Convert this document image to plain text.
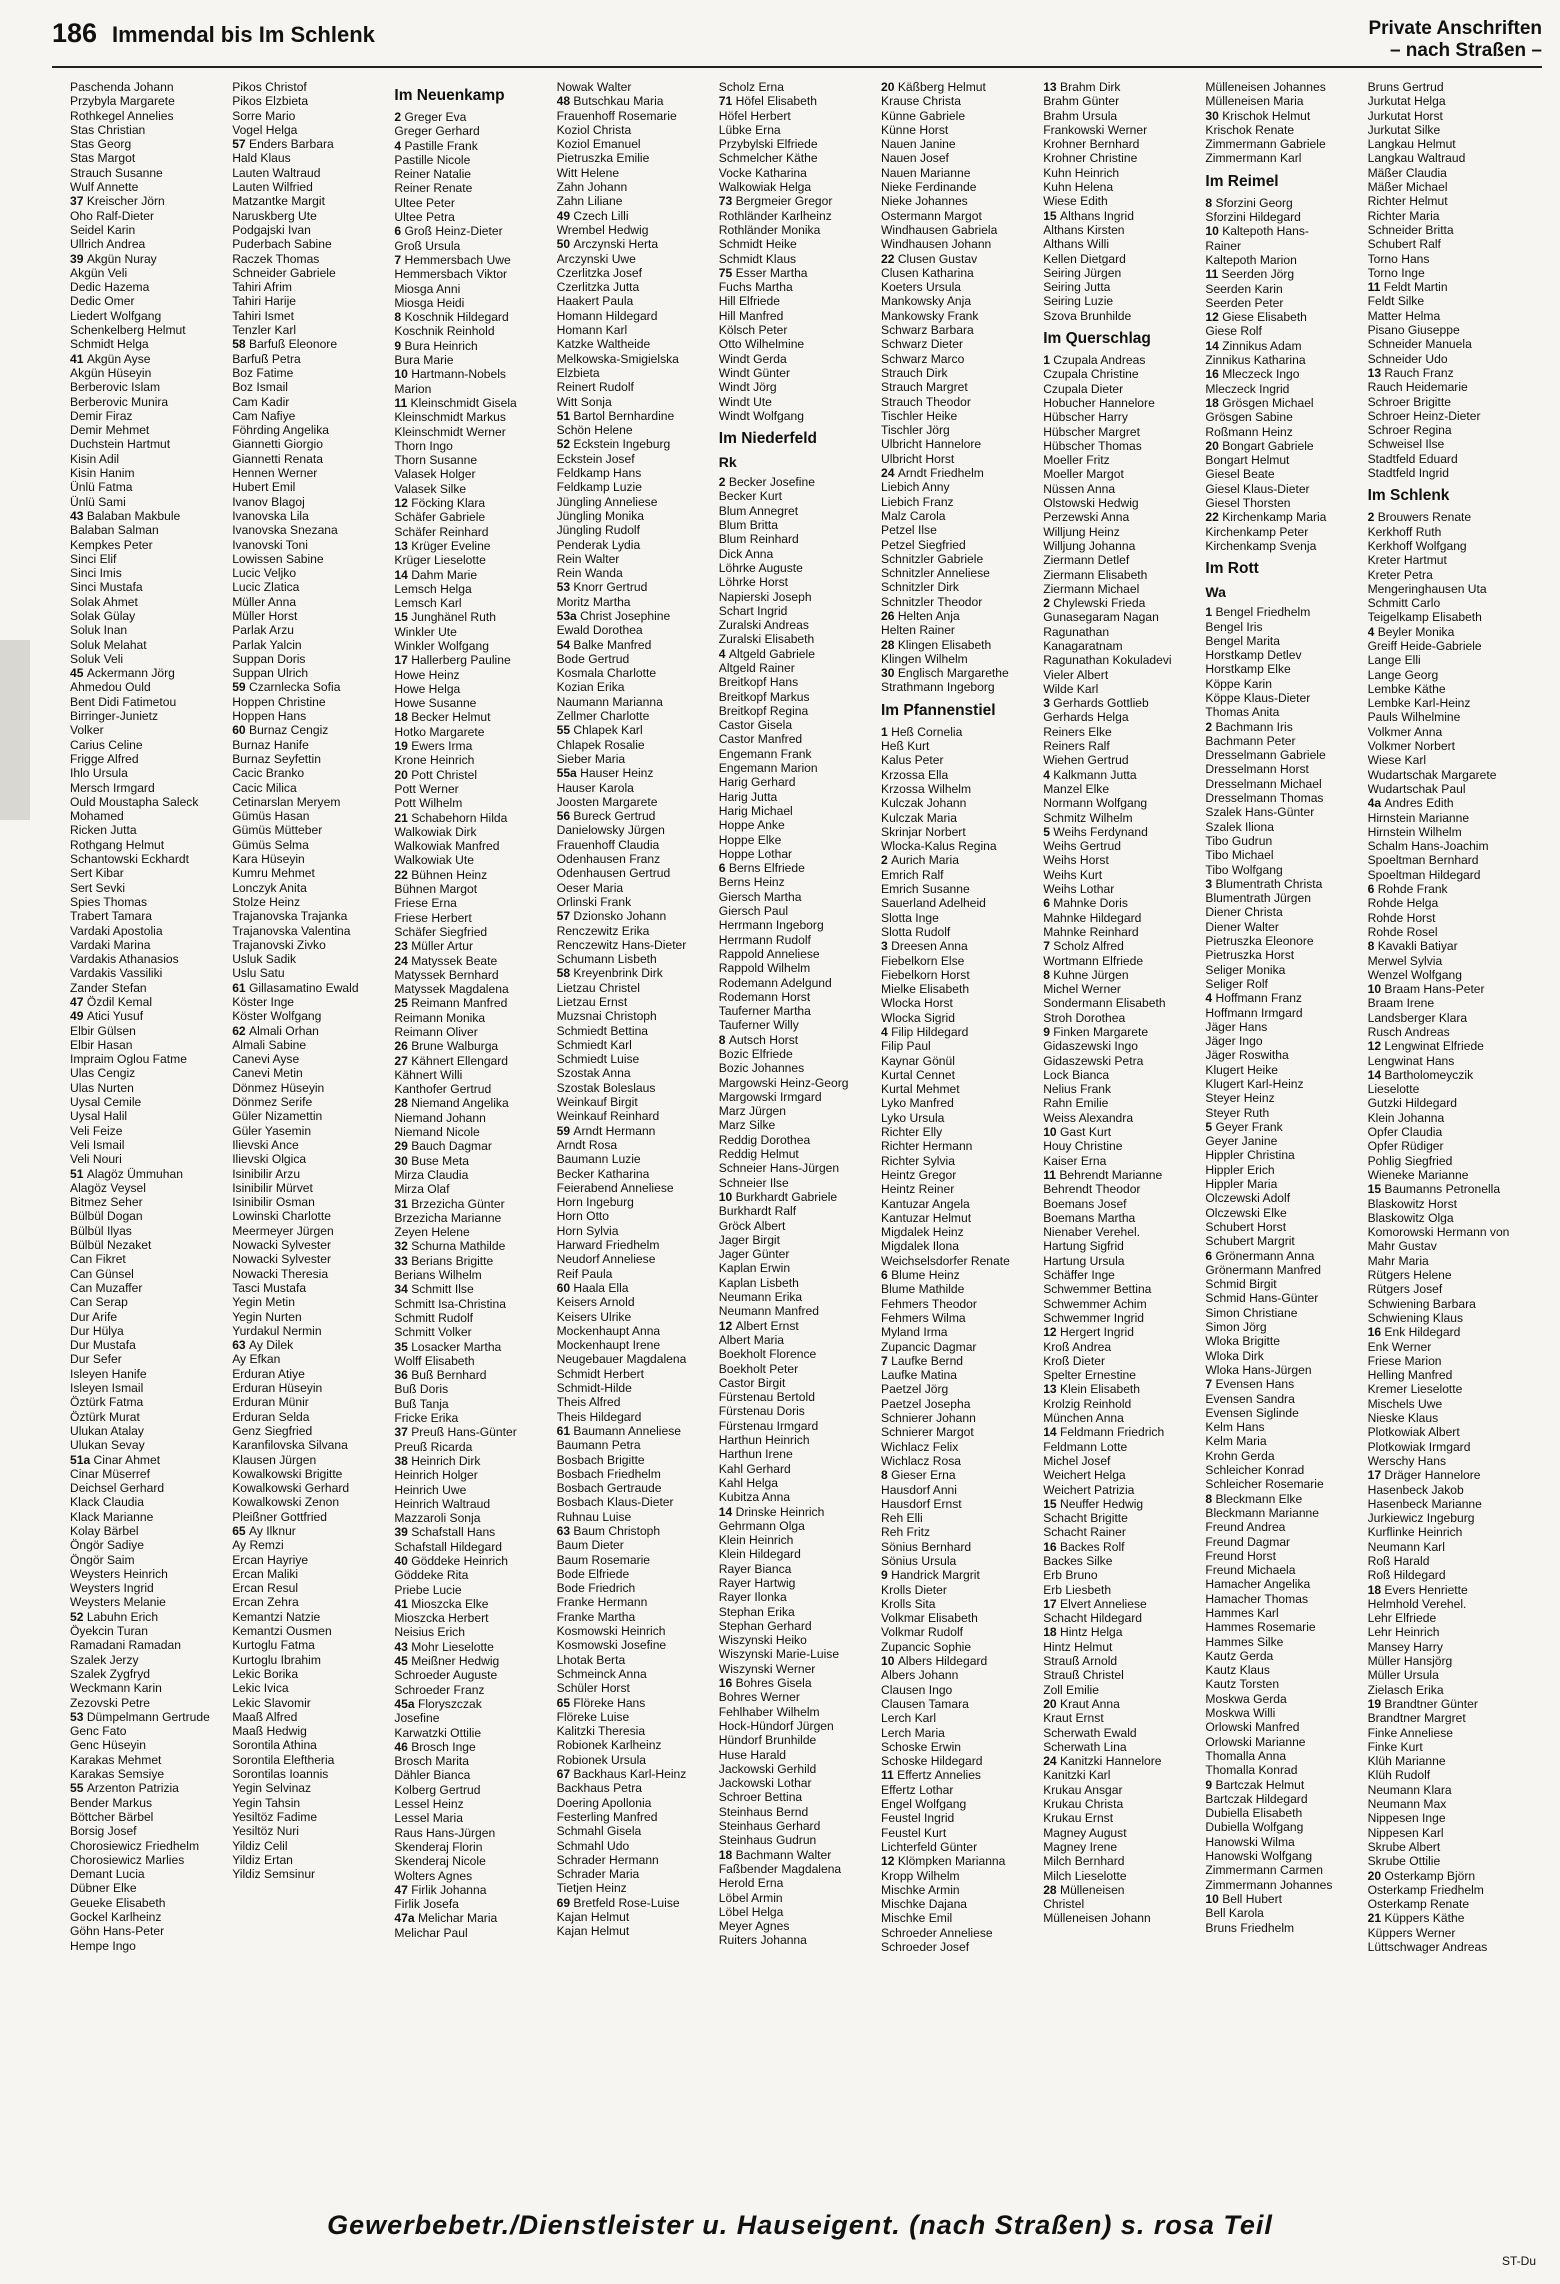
186 Immendal bis Im Schlenk	Private Anschriften
– nach Straßen –
Paschenda Johann
Przybyla Margarete
Rothkegel Annelies
Stas Christian
Stas Georg
Stas Margot
Strauch Susanne
Wulf Annette
37 Kreischer Jörn
Oho Ralf-Dieter
Seidel Karin
Ullrich Andrea
39 Akgün Nuray
Akgün Veli
Dedic Hazema
Dedic Omer
Liedert Wolfgang
Schenkelberg Helmut
Schmidt Helga
41 Akgün Ayse
Akgün Hüseyin
Berberovic Islam
Berberovic Munira
Demir Firaz
Demir Mehmet
Duchstein Hartmut
Kisin Adil
Kisin Hanim
Ünlü Fatma
Ünlü Sami
43 Balaban Makbule
Balaban Salman
Kempkes Peter
Sinci Elif
Sinci Imis
Sinci Mustafa
Solak Ahmet
Solak Gülay
Soluk Inan
Soluk Melahat
Soluk Veli
45 Ackermann Jörg
Ahmedou Ould
Bent Didi Fatimetou
Birringer-Junietz
Volker
Carius Celine
Frigge Alfred
Ihlo Ursula
Mersch Irmgard
Ould Moustapha Saleck
Mohamed
Ricken Jutta
Rothgang Helmut
Schantowski Eckhardt
Sert Kibar
Sert Sevki
Spies Thomas
Trabert Tamara
Vardaki Apostolia
Vardaki Marina
Vardakis Athanasios
Vardakis Vassiliki
Zander Stefan
47 Özdil Kemal
49 Atici Yusuf
Elbir Gülsen
Elbir Hasan
Impraim Oglou Fatme
Ulas Cengiz
Ulas Nurten
Uysal Cemile
Uysal Halil
Veli Feize
Veli Ismail
Veli Nouri
51 Alagöz Ümmuhan
Alagöz Veysel
Bitmez Seher
Bülbül Dogan
Bülbül Ilyas
Bülbül Nezaket
Can Fikret
Can Günsel
Can Muzaffer
Can Serap
Dur Arife
Dur Hülya
Dur Mustafa
Dur Sefer
Isleyen Hanife
Isleyen Ismail
Öztürk Fatma
Öztürk Murat
Ulukan Atalay
Ulukan Sevay
51a Cinar Ahmet
Cinar Müserref
Deichsel Gerhard
Klack Claudia
Klack Marianne
Kolay Bärbel
Öngör Sadiye
Öngör Saim
Weysters Heinrich
Weysters Ingrid
Weysters Melanie
52 Labuhn Erich
Öyekcin Turan
Ramadani Ramadan
Szalek Jerzy
Szalek Zygfryd
Weckmann Karin
Zezovski Petre
53 Dümpelmann Gertrude
Genc Fato
Genc Hüseyin
Karakas Mehmet
Karakas Semsiye
55 Arzenton Patrizia
Bender Markus
Böttcher Bärbel
Borsig Josef
Chorosiewicz Friedhelm
Chorosiewicz Marlies
Demant Lucia
Dübner Elke
Geueke Elisabeth
Gockel Karlheinz
Göhn Hans-Peter
Hempe Ingo
Pikos Christof
Pikos Elzbieta
Sorre Mario
Vogel Helga
57 Enders Barbara
Hald Klaus
Lauten Waltraud
Lauten Wilfried
Matzantke Margit
Naruskberg Ute
Podgajski Ivan
Puderbach Sabine
Raczek Thomas
Schneider Gabriele
Tahiri Afrim
Tahiri Harije
Tahiri Ismet
Tenzler Karl
58 Barfuß Eleonore
Barfuß Petra
Boz Fatime
Boz Ismail
Cam Kadir
Cam Nafiye
Föhrding Angelika
Giannetti Giorgio
Giannetti Renata
Hennen Werner
Hubert Emil
Ivanov Blagoj
Ivanovska Lila
Ivanovska Snezana
Ivanovski Toni
Lowissen Sabine
Lucic Veljko
Lucic Zlatica
Müller Anna
Müller Horst
Parlak Arzu
Parlak Yalcin
Suppan Doris
Suppan Ulrich
59 Czarnlecka Sofia
Hoppen Christine
Hoppen Hans
60 Burnaz Cengiz
Burnaz Hanife
Burnaz Seyfettin
Cacic Branko
Cacic Milica
Cetinarslan Meryem
Gümüs Hasan
Gümüs Mütteber
Gümüs Selma
Kara Hüseyin
Kumru Mehmet
Lonczyk Anita
Stolze Heinz
Trajanovska Trajanka
Trajanovska Valentina
Trajanovski Zivko
Usluk Sadik
Uslu Satu
61 Gillasamatino Ewald
Köster Inge
Köster Wolfgang
62 Almali Orhan
Almali Sabine
Canevi Ayse
Canevi Metin
Dönmez Hüseyin
Dönmez Serife
Güler Nizamettin
Güler Yasemin
Ilievski Ance
Ilievski Olgica
Isinibilir Arzu
Isinibilir Mürvet
Isinibilir Osman
Lowinski Charlotte
Meermeyer Jürgen
Nowacki Sylvester
Nowacki Sylvester
Nowacki Theresia
Tasci Mustafa
Yegin Metin
Yegin Nurten
Yurdakul Nermin
63 Ay Dilek
Ay Efkan
Erduran Atiye
Erduran Hüseyin
Erduran Münir
Erduran Selda
Genz Siegfried
Karanfilovska Silvana
Klausen Jürgen
Kowalkowski Brigitte
Kowalkowski Gerhard
Kowalkowski Zenon
Pleißner Gottfried
65 Ay Ilknur
Ay Remzi
Ercan Hayriye
Ercan Maliki
Ercan Resul
Ercan Zehra
Kemantzi Natzie
Kemantzi Ousmen
Kurtoglu Fatma
Kurtoglu Ibrahim
Lekic Borika
Lekic Ivica
Lekic Slavomir
Maaß Alfred
Maaß Hedwig
Sorontila Athina
Sorontila Eleftheria
Sorontilas Ioannis
Yegin Selvinaz
Yegin Tahsin
Yesiltöz Fadime
Yesiltöz Nuri
Yildiz Celil
Yildiz Ertan
Yildiz Semsinur
Im Neuenkamp
2 Greger Eva
Greger Gerhard
4 Pastille Frank
Pastille Nicole
Reiner Natalie
Reiner Renate
Ultee Peter
Ultee Petra
6 Groß Heinz-Dieter
Groß Ursula
7 Hemmersbach Uwe
Hemmersbach Viktor
Miosga Anni
Miosga Heidi
8 Koschnik Hildegard
Koschnik Reinhold
9 Bura Heinrich
Bura Marie
10 Hartmann-Nobels
Marion
11 Kleinschmidt Gisela
Kleinschmidt Markus
Kleinschmidt Werner
Thorn Ingo
Thorn Susanne
Valasek Holger
Valasek Silke
12 Föcking Klara
Schäfer Gabriele
Schäfer Reinhard
13 Krüger Eveline
Krüger Lieselotte
14 Dahm Marie
Lemsch Helga
Lemsch Karl
15 Junghänel Ruth
Winkler Ute
Winkler Wolfgang
17 Hallerberg Pauline
Howe Heinz
Howe Helga
Howe Susanne
18 Becker Helmut
Hotko Margarete
19 Ewers Irma
Krone Heinrich
20 Pott Christel
Pott Werner
Pott Wilhelm
21 Schabehorn Hilda
Walkowiak Dirk
Walkowiak Manfred
Walkowiak Ute
22 Bühnen Heinz
Bühnen Margot
Friese Erna
Friese Herbert
Schäfer Siegfried
23 Müller Artur
24 Matyssek Beate
Matyssek Bernhard
Matyssek Magdalena
25 Reimann Manfred
Reimann Monika
Reimann Oliver
26 Brune Walburga
27 Kähnert Ellengard
Kähnert Willi
Kanthofer Gertrud
28 Niemand Angelika
Niemand Johann
Niemand Nicole
29 Bauch Dagmar
30 Buse Meta
Mirza Claudia
Mirza Olaf
31 Brzezicha Günter
Brzezicha Marianne
Zeyen Helene
32 Schurna Mathilde
33 Berians Brigitte
Berians Wilhelm
34 Schmitt Ilse
Schmitt Isa-Christina
Schmitt Rudolf
Schmitt Volker
35 Losacker Martha
Wolff Elisabeth
36 Buß Bernhard
Buß Doris
Buß Tanja
Fricke Erika
37 Preuß Hans-Günter
Preuß Ricarda
38 Heinrich Dirk
Heinrich Holger
Heinrich Uwe
Heinrich Waltraud
Mazzaroli Sonja
39 Schafstall Hans
Schafstall Hildegard
40 Göddeke Heinrich
Göddeke Rita
Priebe Lucie
41 Mioszcka Elke
Mioszcka Herbert
Neisius Erich
43 Mohr Lieselotte
45 Meißner Hedwig
Schroeder Auguste
Schroeder Franz
45a Floryszczak
Josefine
Karwatzki Ottilie
46 Brosch Inge
Brosch Marita
Dähler Bianca
Kolberg Gertrud
Lessel Heinz
Lessel Maria
Raus Hans-Jürgen
Skenderaj Florin
Skenderaj Nicole
Wolters Agnes
47 Firlik Johanna
Firlik Josefa
47a Melichar Maria
Melichar Paul
Nowak Walter
48 Butschkau Maria
Frauenhoff Rosemarie
Koziol Christa
Koziol Emanuel
Pietruszka Emilie
Witt Helene
Zahn Johann
Zahn Liliane
49 Czech Lilli
Wrembel Hedwig
50 Arczynski Herta
Arczynski Uwe
Czerlitzka Josef
Czerlitzka Jutta
Haakert Paula
Homann Hildegard
Homann Karl
Katzke Waltheide
Melkowska-Smigielska
Elzbieta
Reinert Rudolf
Witt Sonja
51 Bartol Bernhardine
Schön Helene
52 Eckstein Ingeburg
Eckstein Josef
Feldkamp Hans
Feldkamp Luzie
Jüngling Anneliese
Jüngling Monika
Jüngling Rudolf
Penderak Lydia
Rein Walter
Rein Wanda
53 Knorr Gertrud
Moritz Martha
53a Christ Josephine
Ewald Dorothea
54 Balke Manfred
Bode Gertrud
Kosmala Charlotte
Kozian Erika
Naumann Marianna
Zellmer Charlotte
55 Chlapek Karl
Chlapek Rosalie
Sieber Maria
55a Hauser Heinz
Hauser Karola
Joosten Margarete
56 Bureck Gertrud
Danielowsky Jürgen
Frauenhoff Claudia
Odenhausen Franz
Odenhausen Gertrud
Oeser Maria
Orlinski Frank
57 Dzionsko Johann
Renczewitz Erika
Renczewitz Hans-Dieter
Schumann Lisbeth
58 Kreyenbrink Dirk
Lietzau Christel
Lietzau Ernst
Muzsnai Christoph
Schmiedt Bettina
Schmiedt Karl
Schmiedt Luise
Szostak Anna
Szostak Boleslaus
Weinkauf Birgit
Weinkauf Reinhard
59 Arndt Hermann
Arndt Rosa
Baumann Luzie
Becker Katharina
Feierabend Anneliese
Horn Ingeburg
Horn Otto
Horn Sylvia
Harward Friedhelm
Neudorf Anneliese
Reif Paula
60 Haala Ella
Keisers Arnold
Keisers Ulrike
Mockenhaupt Anna
Mockenhaupt Irene
Neugebauer Magdalena
Schmidt Herbert
Schmidt-Hilde
Theis Alfred
Theis Hildegard
61 Baumann Anneliese
Baumann Petra
Bosbach Brigitte
Bosbach Friedhelm
Bosbach Gertraude
Bosbach Klaus-Dieter
Ruhnau Luise
63 Baum Christoph
Baum Dieter
Baum Rosemarie
Bode Elfriede
Bode Friedrich
Franke Hermann
Franke Martha
Kosmowski Heinrich
Kosmowski Josefine
Lhotak Berta
Schmeinck Anna
Schüler Horst
65 Flöreke Hans
Flöreke Luise
Kalitzki Theresia
Robionek Karlheinz
Robionek Ursula
67 Backhaus Karl-Heinz
Backhaus Petra
Doering Apollonia
Festerling Manfred
Schmahl Gisela
Schmahl Udo
Schrader Hermann
Schrader Maria
Tietjen Heinz
69 Bretfeld Rose-Luise
Kajan Helmut
Kajan Helmut
Scholz Erna
71 Höfel Elisabeth
Höfel Herbert
Lübke Erna
Przybylski Elfriede
Schmelcher Käthe
Vocke Katharina
Walkowiak Helga
73 Bergmeier Gregor
Rothländer Karlheinz
Rothländer Monika
Schmidt Heike
Schmidt Klaus
75 Esser Martha
Fuchs Martha
Hill Elfriede
Hill Manfred
Kölsch Peter
Otto Wilhelmine
Windt Gerda
Windt Günter
Windt Jörg
Windt Ute
Windt Wolfgang
Im Niederfeld
Rk
2 Becker Josefine
Becker Kurt
Blum Annegret
Blum Britta
Blum Reinhard
Dick Anna
Löhrke Auguste
Löhrke Horst
Napierski Joseph
Schart Ingrid
Zuralski Andreas
Zuralski Elisabeth
4 Altgeld Gabriele
Altgeld Rainer
Breitkopf Hans
Breitkopf Markus
Breitkopf Regina
Castor Gisela
Castor Manfred
Engemann Frank
Engemann Marion
Harig Gerhard
Harig Jutta
Harig Michael
Hoppe Anke
Hoppe Elke
Hoppe Lothar
6 Berns Elfriede
Berns Heinz
Giersch Martha
Giersch Paul
Herrmann Ingeborg
Herrmann Rudolf
Rappold Anneliese
Rappold Wilhelm
Rodemann Adelgund
Rodemann Horst
Tauferner Martha
Tauferner Willy
8 Autsch Horst
Bozic Elfriede
Bozic Johannes
Margowski Heinz-Georg
Margowski Irmgard
Marz Jürgen
Marz Silke
Reddig Dorothea
Reddig Helmut
Schneier Hans-Jürgen
Schneier Ilse
10 Burkhardt Gabriele
Burkhardt Ralf
Gröck Albert
Jager Birgit
Jager Günter
Kaplan Erwin
Kaplan Lisbeth
Neumann Erika
Neumann Manfred
12 Albert Ernst
Albert Maria
Boekholt Florence
Boekholt Peter
Castor Birgit
Fürstenau Bertold
Fürstenau Doris
Fürstenau Irmgard
Harthun Heinrich
Harthun Irene
Kahl Gerhard
Kahl Helga
Kubitza Anna
14 Drinske Heinrich
Gehrmann Olga
Klein Heinrich
Klein Hildegard
Rayer Bianca
Rayer Hartwig
Rayer Ilonka
Stephan Erika
Stephan Gerhard
Wiszynski Heiko
Wiszynski Marie-Luise
Wiszynski Werner
16 Bohres Gisela
Bohres Werner
Fehlhaber Wilhelm
Hock-Hündorf Jürgen
Hündorf Brunhilde
Huse Harald
Jackowski Gerhild
Jackowski Lothar
Schroer Bettina
Steinhaus Bernd
Steinhaus Gerhard
Steinhaus Gudrun
18 Bachmann Walter
Faßbender Magdalena
Herold Erna
Löbel Armin
Löbel Helga
Meyer Agnes
Ruiters Johanna
20 Käßberg Helmut
Krause Christa
Künne Gabriele
Künne Horst
Nauen Janine
Nauen Josef
Nauen Marianne
Nieke Ferdinande
Nieke Johannes
Ostermann Margot
Windhausen Gabriela
Windhausen Johann
22 Clusen Gustav
Clusen Katharina
Koeters Ursula
Mankowsky Anja
Mankowsky Frank
Schwarz Barbara
Schwarz Dieter
Schwarz Marco
Strauch Dirk
Strauch Margret
Strauch Theodor
Tischler Heike
Tischler Jörg
Ulbricht Hannelore
Ulbricht Horst
24 Arndt Friedhelm
Liebich Anny
Liebich Franz
Malz Carola
Petzel Ilse
Petzel Siegfried
Schnitzler Gabriele
Schnitzler Anneliese
Schnitzler Dirk
Schnitzler Theodor
26 Helten Anja
Helten Rainer
28 Klingen Elisabeth
Klingen Wilhelm
30 Englisch Margarethe
Strathmann Ingeborg
Im Pfannenstiel
1 Heß Cornelia
Heß Kurt
Kalus Peter
Krzossa Ella
Krzossa Wilhelm
Kulczak Johann
Kulczak Maria
Skrinjar Norbert
Wlocka-Kalus Regina
2 Aurich Maria
Emrich Ralf
Emrich Susanne
Sauerland Adelheid
Slotta Inge
Slotta Rudolf
3 Dreesen Anna
Fiebelkorn Else
Fiebelkorn Horst
Mielke Elisabeth
Wlocka Horst
Wlocka Sigrid
4 Filip Hildegard
Filip Paul
Kaynar Gönül
Kurtal Cennet
Kurtal Mehmet
Lyko Manfred
Lyko Ursula
Richter Elly
Richter Hermann
Richter Sylvia
Heintz Gregor
Heintz Reiner
Kantuzar Angela
Kantuzar Helmut
Migdalek Heinz
Migdalek Ilona
Weichselsdorfer Renate
6 Blume Heinz
Blume Mathilde
Fehmers Theodor
Fehmers Wilma
Myland Irma
Zupancic Dagmar
7 Laufke Bernd
Laufke Matina
Paetzel Jörg
Paetzel Josepha
Schnierer Johann
Schnierer Margot
Wichlacz Felix
Wichlacz Rosa
8 Gieser Erna
Hausdorf Anni
Hausdorf Ernst
Reh Elli
Reh Fritz
Sönius Bernhard
Sönius Ursula
9 Handrick Margrit
Krolls Dieter
Krolls Sita
Volkmar Elisabeth
Volkmar Rudolf
Zupancic Sophie
10 Albers Hildegard
Albers Johann
Clausen Ingo
Clausen Tamara
Lerch Karl
Lerch Maria
Schoske Erwin
Schoske Hildegard
11 Effertz Annelies
Effertz Lothar
Engel Wolfgang
Feustel Ingrid
Feustel Kurt
Lichterfeld Günter
12 Klömpken Marianna
Kropp Wilhelm
Mischke Armin
Mischke Dajana
Mischke Emil
Schroeder Anneliese
Schroeder Josef
13 Brahm Dirk
Brahm Günter
Brahm Ursula
Frankowski Werner
Krohner Bernhard
Krohner Christine
Kuhn Heinrich
Kuhn Helena
Wiese Edith
15 Althans Ingrid
Althans Kirsten
Althans Willi
Kellen Dietgard
Seiring Jürgen
Seiring Jutta
Seiring Luzie
Szova Brunhilde
Im Querschlag
1 Czupala Andreas
Czupala Christine
Czupala Dieter
Hobucher Hannelore
Hübscher Harry
Hübscher Margret
Hübscher Thomas
Moeller Fritz
Moeller Margot
Nüssen Anna
Olstowski Hedwig
Perzewski Anna
Willjung Heinz
Willjung Johanna
Ziermann Detlef
Ziermann Elisabeth
Ziermann Michael
2 Chylewski Frieda
Gunasegaram Nagan
Ragunathan
Kanagaratnam
Ragunathan Kokuladevi
Vieler Albert
Wilde Karl
3 Gerhards Gottlieb
Gerhards Helga
Reiners Elke
Reiners Ralf
Wiehen Gertrud
4 Kalkmann Jutta
Manzel Elke
Normann Wolfgang
Schmitz Wilhelm
5 Weihs Ferdynand
Weihs Gertrud
Weihs Horst
Weihs Kurt
Weihs Lothar
6 Mahnke Doris
Mahnke Hildegard
Mahnke Reinhard
7 Scholz Alfred
Wortmann Elfriede
8 Kuhne Jürgen
Michel Werner
Sondermann Elisabeth
Stroh Dorothea
9 Finken Margarete
Gidaszewski Ingo
Gidaszewski Petra
Lock Bianca
Nelius Frank
Rahn Emilie
Weiss Alexandra
10 Gast Kurt
Houy Christine
Kaiser Erna
11 Behrendt Marianne
Behrendt Theodor
Boemans Josef
Boemans Martha
Nienaber Verehel.
Hartung Sigfrid
Hartung Ursula
Schäffer Inge
Schwemmer Bettina
Schwemmer Achim
Schwemmer Ingrid
12 Hergert Ingrid
Kroß Andrea
Kroß Dieter
Spelter Ernestine
13 Klein Elisabeth
Krolzig Reinhold
München Anna
14 Feldmann Friedrich
Feldmann Lotte
Michel Josef
Weichert Helga
Weichert Patrizia
15 Neuffer Hedwig
Schacht Brigitte
Schacht Rainer
16 Backes Rolf
Backes Silke
Erb Bruno
Erb Liesbeth
17 Elvert Anneliese
Schacht Hildegard
18 Hintz Helga
Hintz Helmut
Strauß Arnold
Strauß Christel
Zoll Emilie
20 Kraut Anna
Kraut Ernst
Scherwath Ewald
Scherwath Lina
24 Kanitzki Hannelore
Kanitzki Karl
Krukau Ansgar
Krukau Christa
Krukau Ernst
Magney August
Magney Irene
Milch Bernhard
Milch Lieselotte
28 Mülleneisen
Christel
Mülleneisen Johann
Mülleneisen Johannes
Mülleneisen Maria
30 Krischok Helmut
Krischok Renate
Zimmermann Gabriele
Zimmermann Karl
Im Reimel
8 Sforzini Georg
Sforzini Hildegard
10 Kaltepoth Hans-
Rainer
Kaltepoth Marion
11 Seerden Jörg
Seerden Karin
Seerden Peter
12 Giese Elisabeth
Giese Rolf
14 Zinnikus Adam
Zinnikus Katharina
16 Mleczeck Ingo
Mleczeck Ingrid
18 Grösgen Michael
Grösgen Sabine
Roßmann Heinz
20 Bongart Gabriele
Bongart Helmut
Giesel Beate
Giesel Klaus-Dieter
Giesel Thorsten
22 Kirchenkamp Maria
Kirchenkamp Peter
Kirchenkamp Svenja
Im Rott
Wa
1 Bengel Friedhelm
Bengel Iris
Bengel Marita
Horstkamp Detlev
Horstkamp Elke
Köppe Karin
Köppe Klaus-Dieter
Thomas Anita
2 Bachmann Iris
Bachmann Peter
Dresselmann Gabriele
Dresselmann Horst
Dresselmann Michael
Dresselmann Thomas
Szalek Hans-Günter
Szalek Iliona
Tibo Gudrun
Tibo Michael
Tibo Wolfgang
3 Blumentrath Christa
Blumentrath Jürgen
Diener Christa
Diener Walter
Pietruszka Eleonore
Pietruszka Horst
Seliger Monika
Seliger Rolf
4 Hoffmann Franz
Hoffmann Irmgard
Jäger Hans
Jäger Ingo
Jäger Roswitha
Klugert Heike
Klugert Karl-Heinz
Steyer Heinz
Steyer Ruth
5 Geyer Frank
Geyer Janine
Hippler Christina
Hippler Erich
Hippler Maria
Olczewski Adolf
Olczewski Elke
Schubert Horst
Schubert Margrit
6 Grönermann Anna
Grönermann Manfred
Schmid Birgit
Schmid Hans-Günter
Simon Christiane
Simon Jörg
Wloka Brigitte
Wloka Dirk
Wloka Hans-Jürgen
7 Evensen Hans
Evensen Sandra
Evensen Siglinde
Kelm Hans
Kelm Maria
Krohn Gerda
Schleicher Konrad
Schleicher Rosemarie
8 Bleckmann Elke
Bleckmann Marianne
Freund Andrea
Freund Dagmar
Freund Horst
Freund Michaela
Hamacher Angelika
Hamacher Thomas
Hammes Karl
Hammes Rosemarie
Hammes Silke
Kautz Gerda
Kautz Klaus
Kautz Torsten
Moskwa Gerda
Moskwa Willi
Orlowski Manfred
Orlowski Marianne
Thomalla Anna
Thomalla Konrad
9 Bartczak Helmut
Bartczak Hildegard
Dubiella Elisabeth
Dubiella Wolfgang
Hanowski Wilma
Hanowski Wolfgang
Zimmermann Carmen
Zimmermann Johannes
10 Bell Hubert
Bell Karola
Bruns Friedhelm
Bruns Gertrud
Jurkutat Helga
Jurkutat Horst
Jurkutat Silke
Langkau Helmut
Langkau Waltraud
Mäßer Claudia
Mäßer Michael
Richter Helmut
Richter Maria
Schneider Britta
Schubert Ralf
Torno Hans
Torno Inge
11 Feldt Martin
Feldt Silke
Matter Helma
Pisano Giuseppe
Schneider Manuela
Schneider Udo
13 Rauch Franz
Rauch Heidemarie
Schroer Brigitte
Schroer Heinz-Dieter
Schroer Regina
Schweisel Ilse
Stadtfeld Eduard
Stadtfeld Ingrid
Im Schlenk
2 Brouwers Renate
Kerkhoff Ruth
Kerkhoff Wolfgang
Kreter Hartmut
Kreter Petra
Mengeringhausen Uta
Schmitt Carlo
Teigelkamp Elisabeth
4 Beyler Monika
Greiff Heide-Gabriele
Lange Elli
Lange Georg
Lembke Käthe
Lembke Karl-Heinz
Pauls Wilhelmine
Volkmer Anna
Volkmer Norbert
Wiese Karl
Wudartschak Margarete
Wudartschak Paul
4a Andres Edith
Hirnstein Marianne
Hirnstein Wilhelm
Schalm Hans-Joachim
Spoeltman Bernhard
Spoeltman Hildegard
6 Rohde Frank
Rohde Helga
Rohde Horst
Rohde Rosel
8 Kavakli Batiyar
Merwel Sylvia
Wenzel Wolfgang
10 Braam Hans-Peter
Braam Irene
Landsberger Klara
Rusch Andreas
12 Lengwinat Elfriede
Lengwinat Hans
14 Bartholomeyczik
Lieselotte
Gutzki Hildegard
Klein Johanna
Opfer Claudia
Opfer Rüdiger
Pohlig Siegfried
Wieneke Marianne
15 Baumanns Petronella
Blaskowitz Horst
Blaskowitz Olga
Komorowski Hermann von
Mahr Gustav
Mahr Maria
Rütgers Helene
Rütgers Josef
Schwiening Barbara
Schwiening Klaus
16 Enk Hildegard
Enk Werner
Friese Marion
Helling Manfred
Kremer Lieselotte
Mischels Uwe
Nieske Klaus
Plotkowiak Albert
Plotkowiak Irmgard
Werschy Hans
17 Dräger Hannelore
Hasenbeck Jakob
Hasenbeck Marianne
Jurkiewicz Ingeburg
Kurflinke Heinrich
Neumann Karl
Roß Harald
Roß Hildegard
18 Evers Henriette
Helmhold Verehel.
Lehr Elfriede
Lehr Heinrich
Mansey Harry
Müller Hansjörg
Müller Ursula
Zielasch Erika
19 Brandtner Günter
Brandtner Margret
Finke Anneliese
Finke Kurt
Klüh Marianne
Klüh Rudolf
Neumann Klara
Neumann Max
Nippesen Inge
Nippesen Karl
Skrube Albert
Skrube Ottilie
20 Osterkamp Björn
Osterkamp Friedhelm
Osterkamp Renate
21 Küppers Käthe
Küppers Werner
Lüttschwager Andreas
Gewerbebetr./Dienstleister u. Hauseigent. (nach Straßen) s. rosa Teil
ST-Du
